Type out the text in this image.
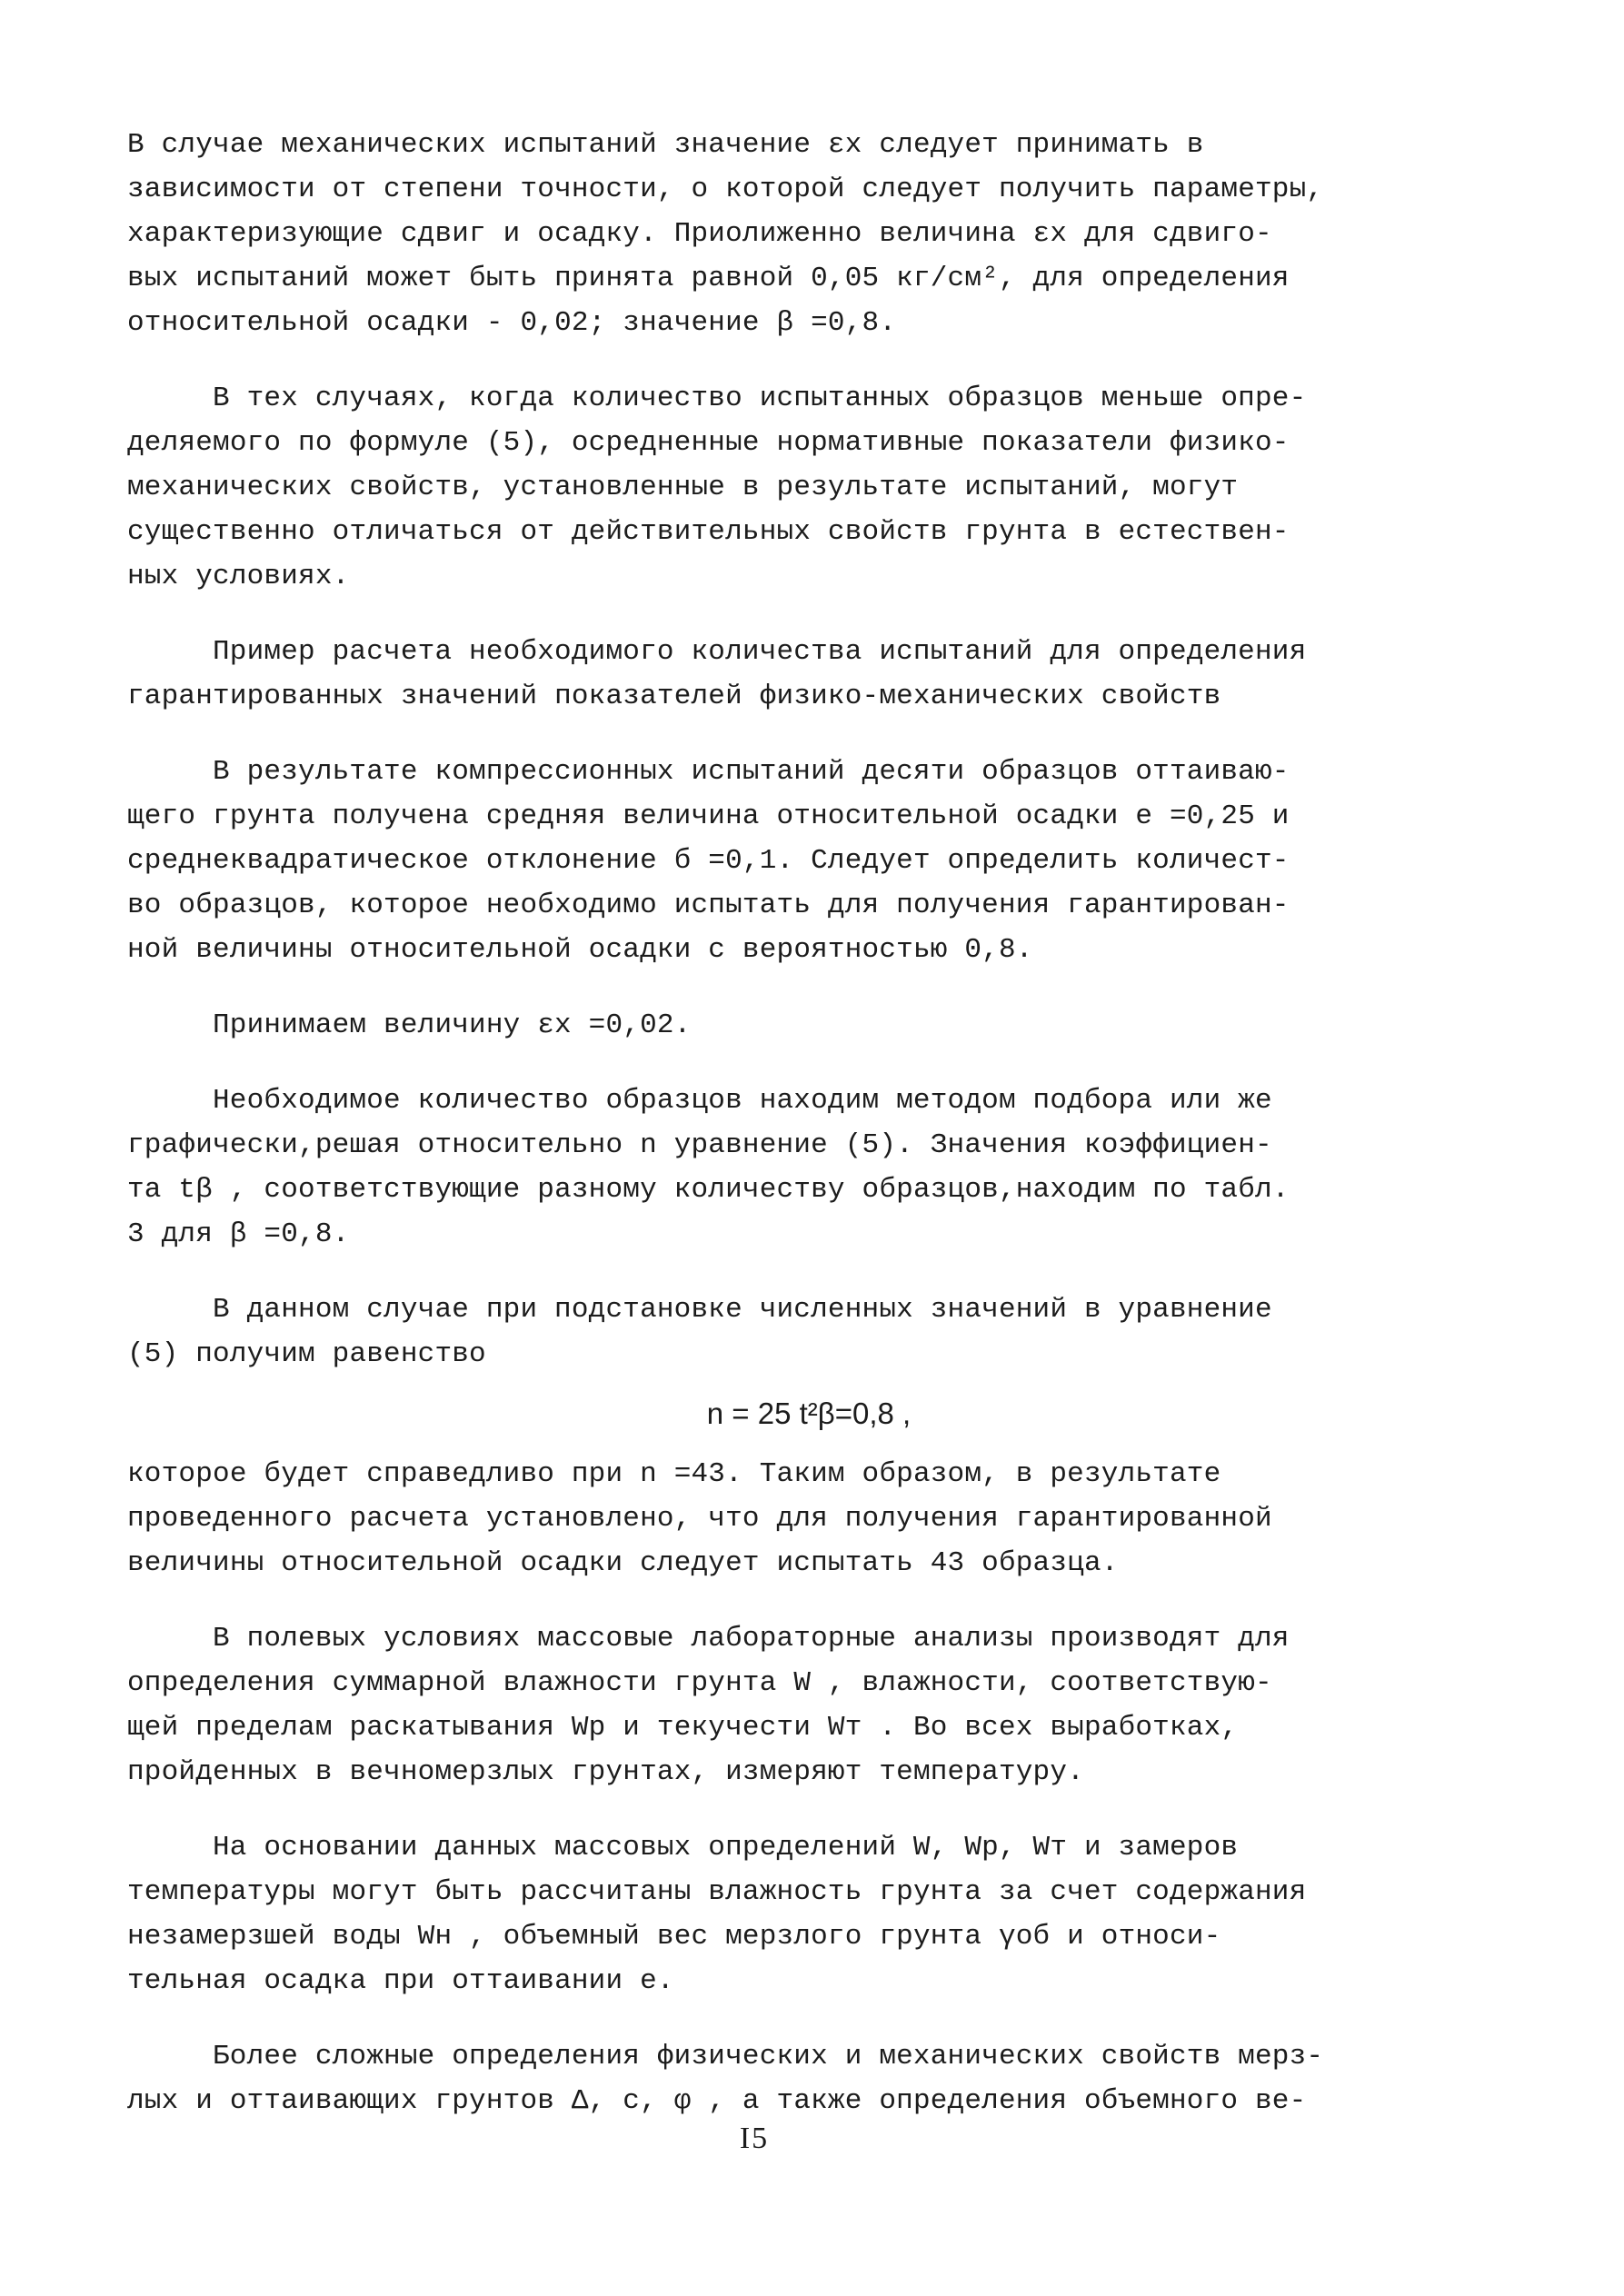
В случае механических испытаний значение εх следует принимать в
зависимости от степени точности, о которой следует получить параметры,
характеризующие сдвиг и осадку. Приолиженно величина εх для сдвиго-
вых испытаний может быть принята равной 0,05 кг/см², для определения
относительной осадки - 0,02; значение β =0,8.

В тех случаях, когда количество испытанных образцов меньше опре-
деляемого по формуле (5), осредненные нормативные показатели физико-
механических свойств, установленные в результате испытаний, могут
существенно отличаться от действительных свойств грунта в естествен-
ных условиях.

Пример расчета необходимого количества испытаний для определения
гарантированных значений показателей физико-механических свойств

В результате компрессионных испытаний десяти образцов оттаиваю-
щего грунта получена средняя величина относительной осадки е =0,25 и
среднеквадратическое отклонение б =0,1. Следует определить количест-
во образцов, которое необходимо испытать для получения гарантирован-
ной величины относительной осадки с вероятностью 0,8.

Принимаем величину εх =0,02.

Необходимое количество образцов находим методом подбора или же
графически,решая относительно n уравнение (5). Значения коэффициен-
та tβ , соответствующие разному количеству образцов,находим по табл.
3 для β =0,8.

В данном случае при подстановке численных значений в уравнение
(5) получим равенство

n = 25 t²β=0,8 ,

которое будет справедливо при n =43. Таким образом, в результате
проведенного расчета установлено, что для получения гарантированной
величины относительной осадки следует испытать 43 образца.

В полевых условиях массовые лабораторные анализы производят для
определения суммарной влажности грунта W , влажности, соответствую-
щей пределам раскатывания Wр и текучести Wт . Во всех выработках,
пройденных в вечномерзлых грунтах, измеряют температуру.

На основании данных массовых определений W, Wр, Wт и замеров
температуры могут быть рассчитаны влажность грунта за счет содержания
незамерзшей воды Wн , объемный вес мерзлого грунта γоб и относи-
тельная осадка при оттаивании е.

Более сложные определения физических и механических свойств мерз-
лых и оттаивающих грунтов Δ, с, φ , а также определения объемного ве-

I5
